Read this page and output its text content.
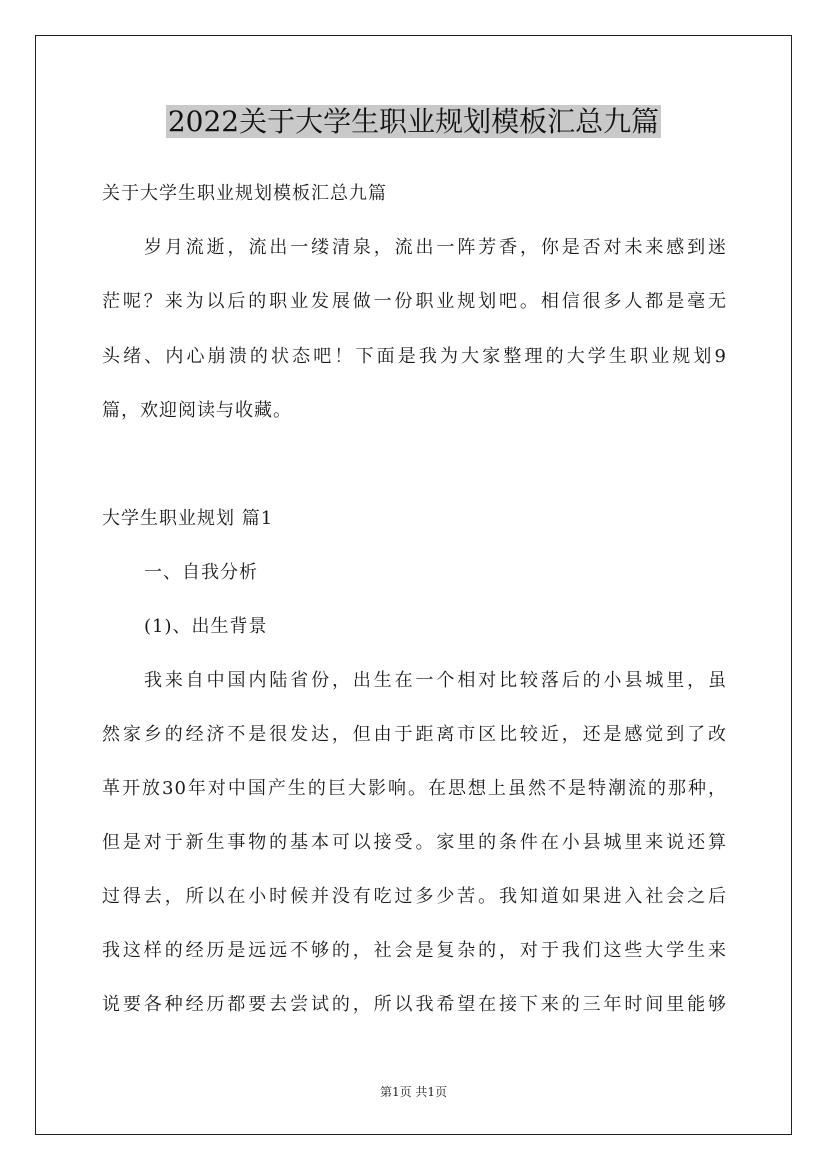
2022关于大学生职业规划模板汇总九篇
关于大学生职业规划模板汇总九篇
岁月流逝，流出一缕清泉，流出一阵芳香，你是否对未来感到迷
茫呢？来为以后的职业发展做一份职业规划吧。相信很多人都是毫无
头绪、内心崩溃的状态吧！下面是我为大家整理的大学生职业规划9
篇，欢迎阅读与收藏。
大学生职业规划 篇1
一、自我分析
(1)、出生背景
我来自中国内陆省份，出生在一个相对比较落后的小县城里，虽
然家乡的经济不是很发达，但由于距离市区比较近，还是感觉到了改
革开放30年对中国产生的巨大影响。在思想上虽然不是特潮流的那种，
但是对于新生事物的基本可以接受。家里的条件在小县城里来说还算
过得去，所以在小时候并没有吃过多少苦。我知道如果进入社会之后
我这样的经历是远远不够的，社会是复杂的，对于我们这些大学生来
说要各种经历都要去尝试的，所以我希望在接下来的三年时间里能够
第1页 共1页
